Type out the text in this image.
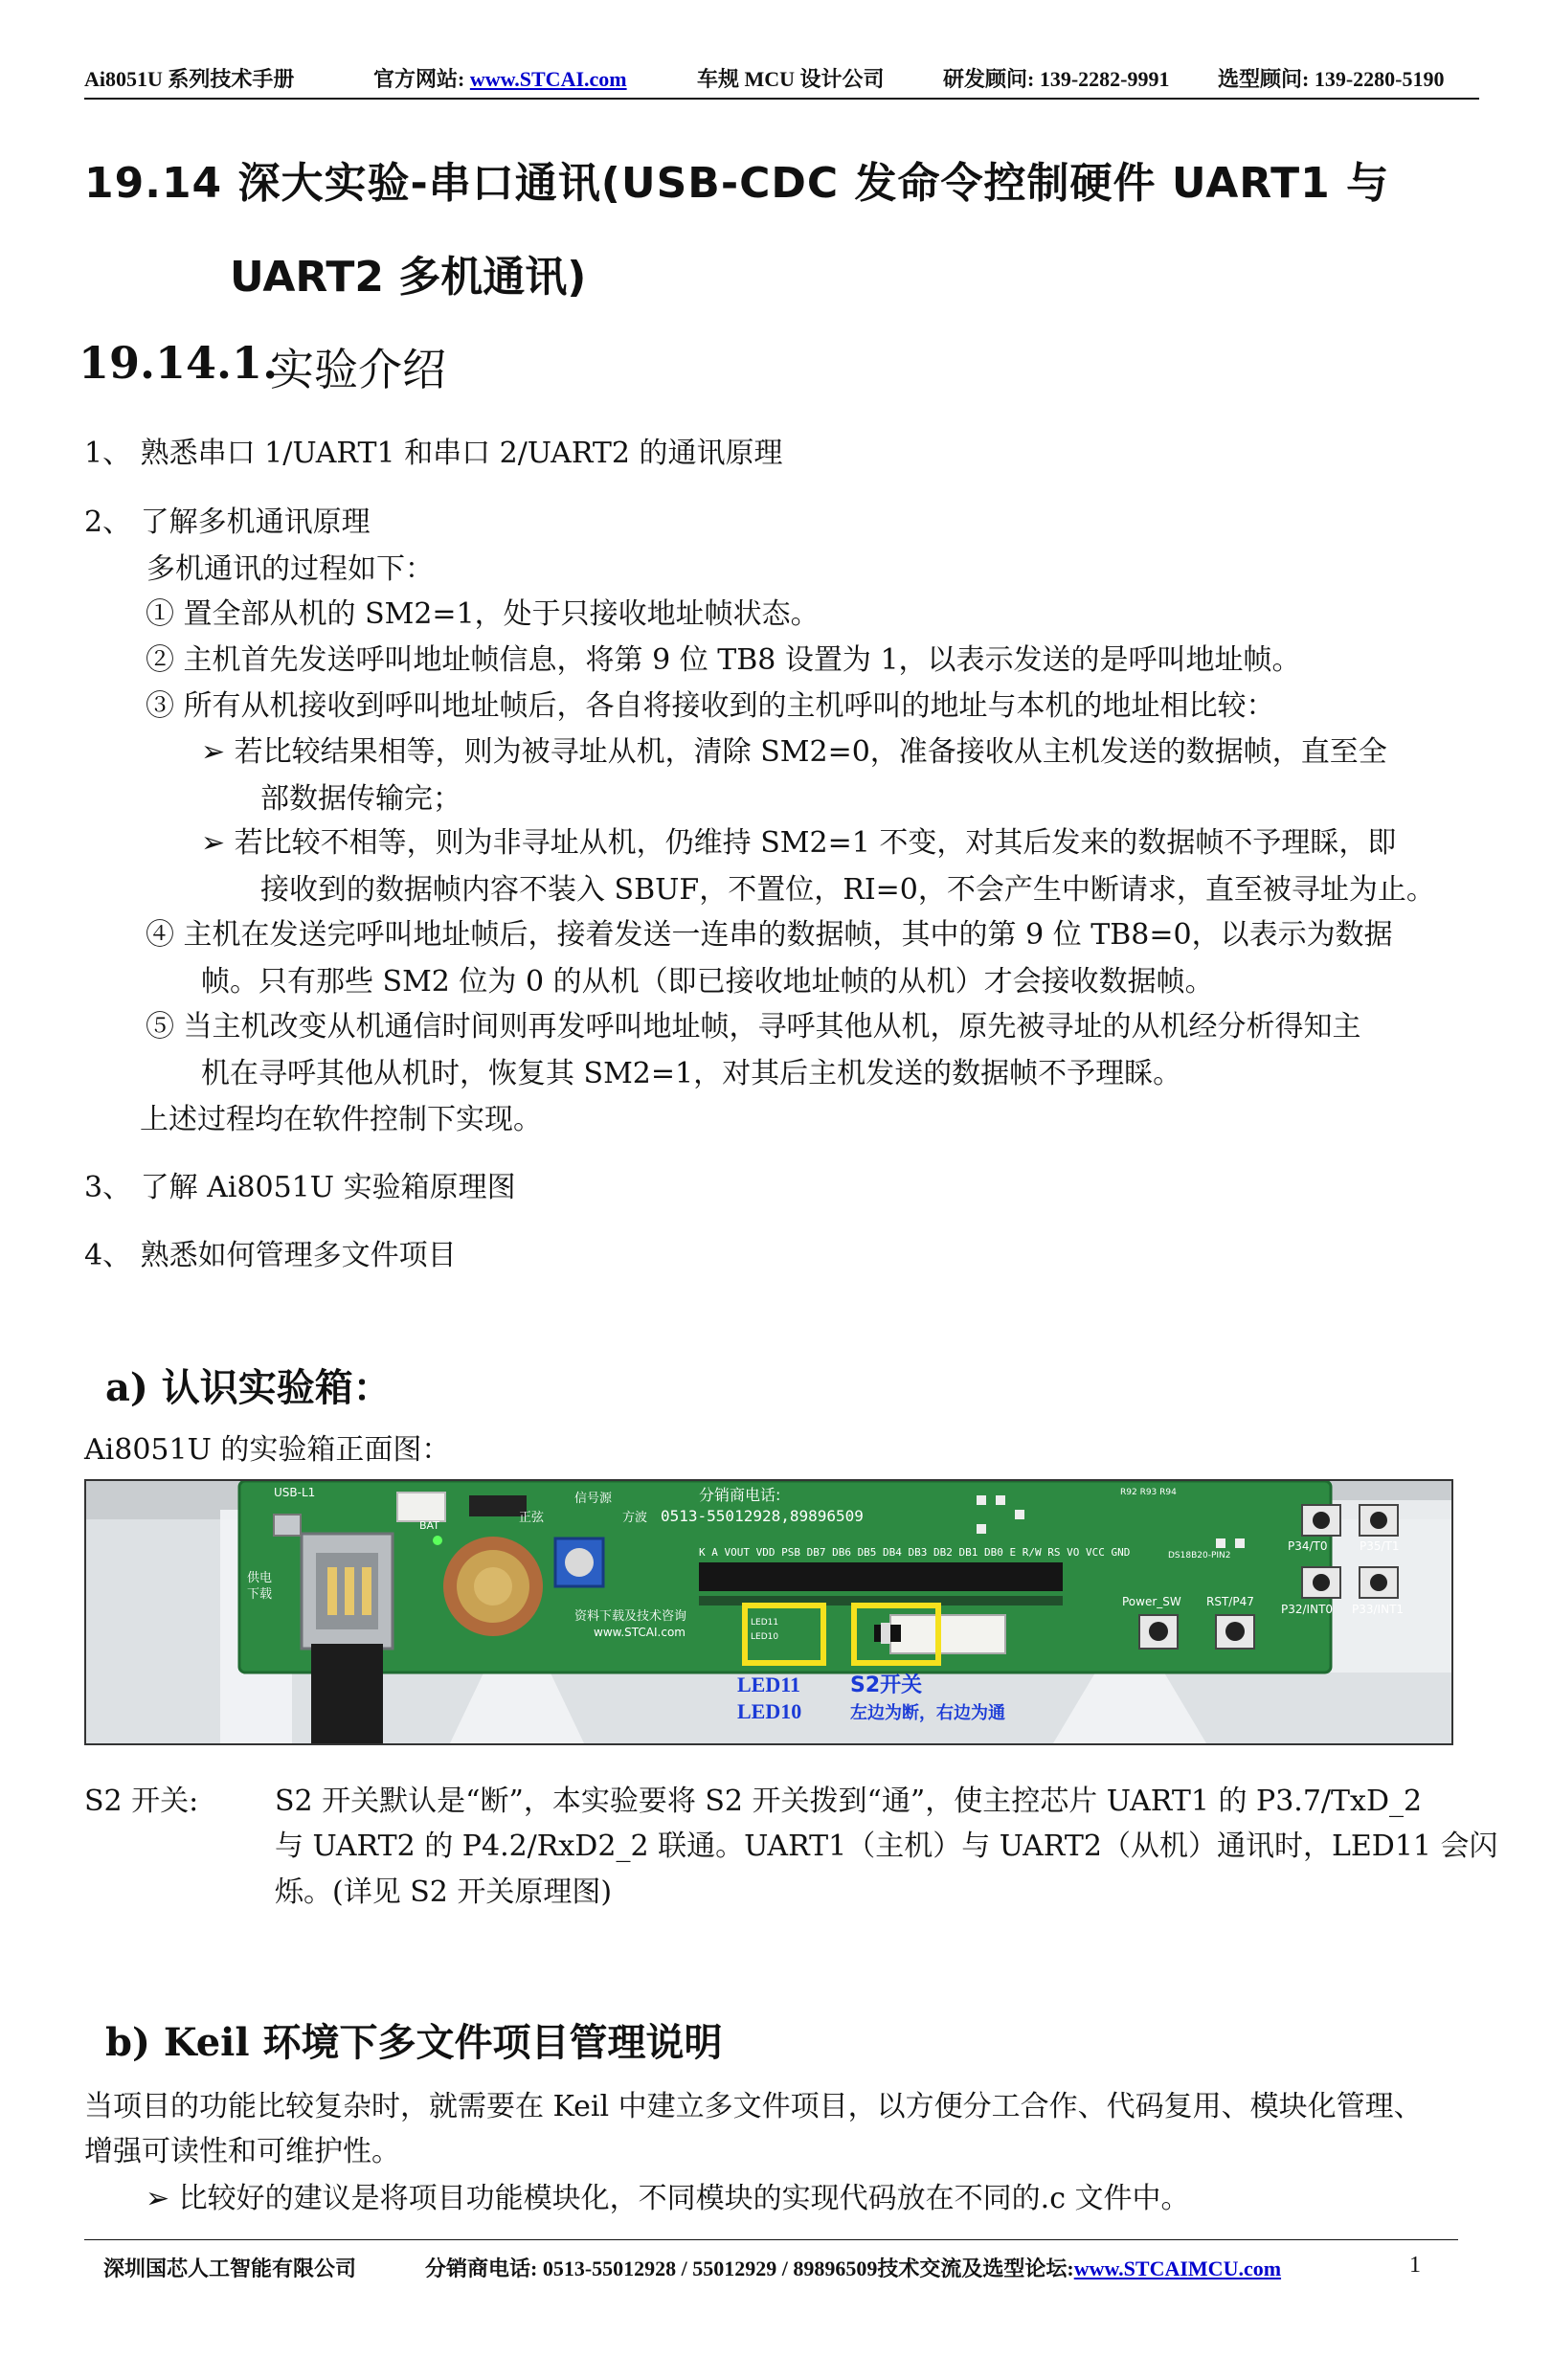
Ai8051U 系列技术手册	官方网站: www.STCAI.com	车规 MCU 设计公司	研发顾问: 139-2282-9991 选型顾问: 139-2280-5190
19.14 深大实验-串口通讯(USB-CDC 发命令控制硬件 UART1 与
UART2 多机通讯)
19.14.1.
实验介绍
1、 熟悉串口 1/UART1 和串口 2/UART2 的通讯原理
2、 了解多机通讯原理
多机通讯的过程如下：
① 置全部从机的 SM2=1，处于只接收地址帧状态。
② 主机首先发送呼叫地址帧信息，将第 9 位 TB8 设置为 1，以表示发送的是呼叫地址帧。
③ 所有从机接收到呼叫地址帧后，各自将接收到的主机呼叫的地址与本机的地址相比较：
➢ 若比较结果相等，则为被寻址从机，清除 SM2=0，准备接收从主机发送的数据帧，直至全
部数据传输完；
➢ 若比较不相等，则为非寻址从机，仍维持 SM2=1 不变，对其后发来的数据帧不予理睬，即
接收到的数据帧内容不装入 SBUF，不置位，RI=0，不会产生中断请求，直至被寻址为止。
④ 主机在发送完呼叫地址帧后，接着发送一连串的数据帧，其中的第 9 位 TB8=0，以表示为数据
帧。只有那些 SM2 位为 0 的从机（即已接收地址帧的从机）才会接收数据帧。
⑤ 当主机改变从机通信时间则再发呼叫地址帧，寻呼其他从机，原先被寻址的从机经分析得知主
机在寻呼其他从机时，恢复其 SM2=1，对其后主机发送的数据帧不予理睬。
上述过程均在软件控制下实现。
3、 了解 Ai8051U 实验箱原理图
4、 熟悉如何管理多文件项目
a) 认识实验箱：
Ai8051U 的实验箱正面图：
分销商电话:
0513-55012928,89896509
USB-L1	信号源
正弦	方波
BAT
供电
下载
资料下载及技术咨询
www.STCAI.com
LED11
LED10
Power_SW RST/P47
P34/T0	P35/T1
P32/INT0 P33/INT1
K A VOUT VDD PSB DB7 DB6 DB5 DB4 DB3 DB2 DB1 DB0 E R/W RS VO VCC GND	DS18B20-PIN2
R92 R93 R94
LED11
LED10
S2开关
左边为断，右边为通
S2 开关:	S2 开关默认是“断”，本实验要将 S2 开关拨到“通”，使主控芯片 UART1 的 P3.7/TxD_2
与 UART2 的 P4.2/RxD2_2 联通。UART1（主机）与 UART2（从机）通讯时，LED11 会闪
烁。(详见 S2 开关原理图)
b) Keil 环境下多文件项目管理说明
当项目的功能比较复杂时，就需要在 Keil 中建立多文件项目，以方便分工合作、代码复用、模块化管理、
增强可读性和可维护性。
➢ 比较好的建议是将项目功能模块化，不同模块的实现代码放在不同的.c 文件中。
深圳国芯人工智能有限公司	分销商电话: 0513-55012928 / 55012929 / 89896509技术交流及选型论坛:www.STCAIMCU.com	1
